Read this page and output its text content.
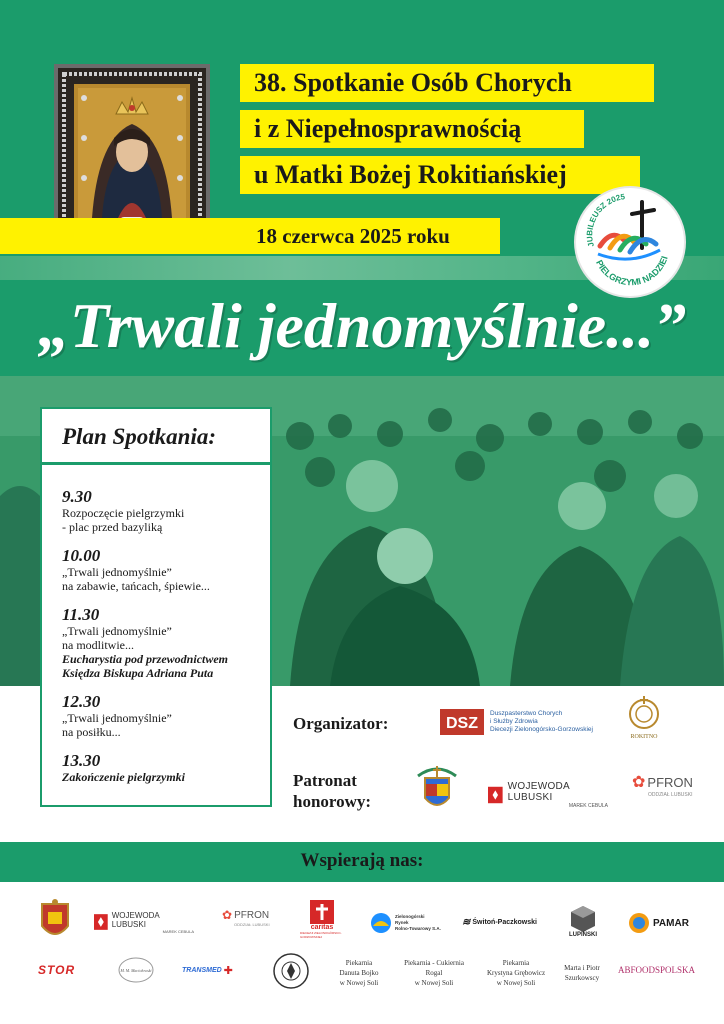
38. Spotkanie Osób Chorych
i z Niepełnosprawnością
u Matki Bożej Rokitiańskiej
18 czerwca 2025 roku	JUBILEUSZ 2025
PIELGRZYMI NADZIEI
„Trwali jednomyślnie...”
Plan Spotkania:
9.30
Rozpoczęcie pielgrzymki
- plac przed bazyliką
10.00
„Trwali jednomyślnie”
na zabawie, tańcach, śpiewie...
11.30
„Trwali jednomyślnie”
na modlitwie...
Eucharystia pod przewodnictwem
Księdza Biskupa Adriana Puta
12.30
„Trwali jednomyślnie”
na posiłku...
13.30
Zakończenie pielgrzymki
Organizator:	DSZ
Duszpasterstwo Chorych
i Służby Zdrowia
Diecezji Zielonogórsko-Gorzowskiej
ROKITNO
Patronat
honorowy:
WOJEWODA LUBUSKI
MAREK CEBULA
✿ PFRON
ODDZIAŁ LUBUSKI
Wspierają nas:
WOJEWODA LUBUSKI
MAREK CEBULA
✿ PFRON
ODDZIAŁ LUBUSKI	caritas
DIECEZJI ZIELONOGÓRSKO-GORZOWSKIEJ
Zielonogórski
Rynek
Rolno-Towarowy S.A.
≋ Świtoń-Paczkowski
LUPIŃSKI
PAMAR
STOR	M. M. Maciołowski	TRANSMED ✚
Piekarnia
Danuta Bojko
w Nowej Soli
Piekarnia - Cukiernia
Rogal
w Nowej Soli
Piekarnia
Krystyna Grębowicz
w Nowej Soli
Marta i Piotr
Szurkowscy
ABFOODSPOLSKA
